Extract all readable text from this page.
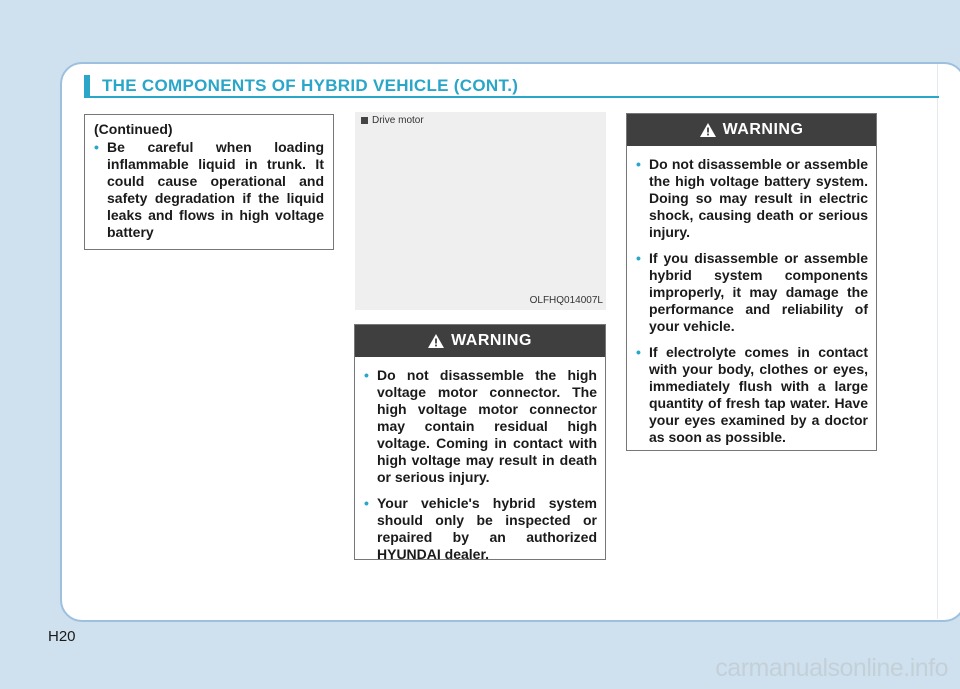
THE COMPONENTS OF HYBRID VEHICLE (CONT.)
(Continued)
• Be careful when loading inflammable liquid in trunk. It could cause operational and safety degradation if the liquid leaks and flows in high voltage battery
Drive motor
OLFHQ014007L
WARNING
• Do not disassemble the high voltage motor connector. The high voltage motor connector may contain residual high voltage. Coming in contact with high voltage may result in death or serious injury.
• Your vehicle's hybrid system should only be inspected or repaired by an authorized HYUNDAI dealer.
WARNING
• Do not disassemble or assemble the high voltage battery system. Doing so may result in electric shock, causing death or serious injury.
• If you disassemble or assemble hybrid system components improperly, it may damage the performance and reliability of your vehicle.
• If electrolyte comes in contact with your body, clothes or eyes, immediately flush with a large quantity of fresh tap water. Have your eyes examined by a doctor as soon as possible.
H20
carmanualsonline.info
